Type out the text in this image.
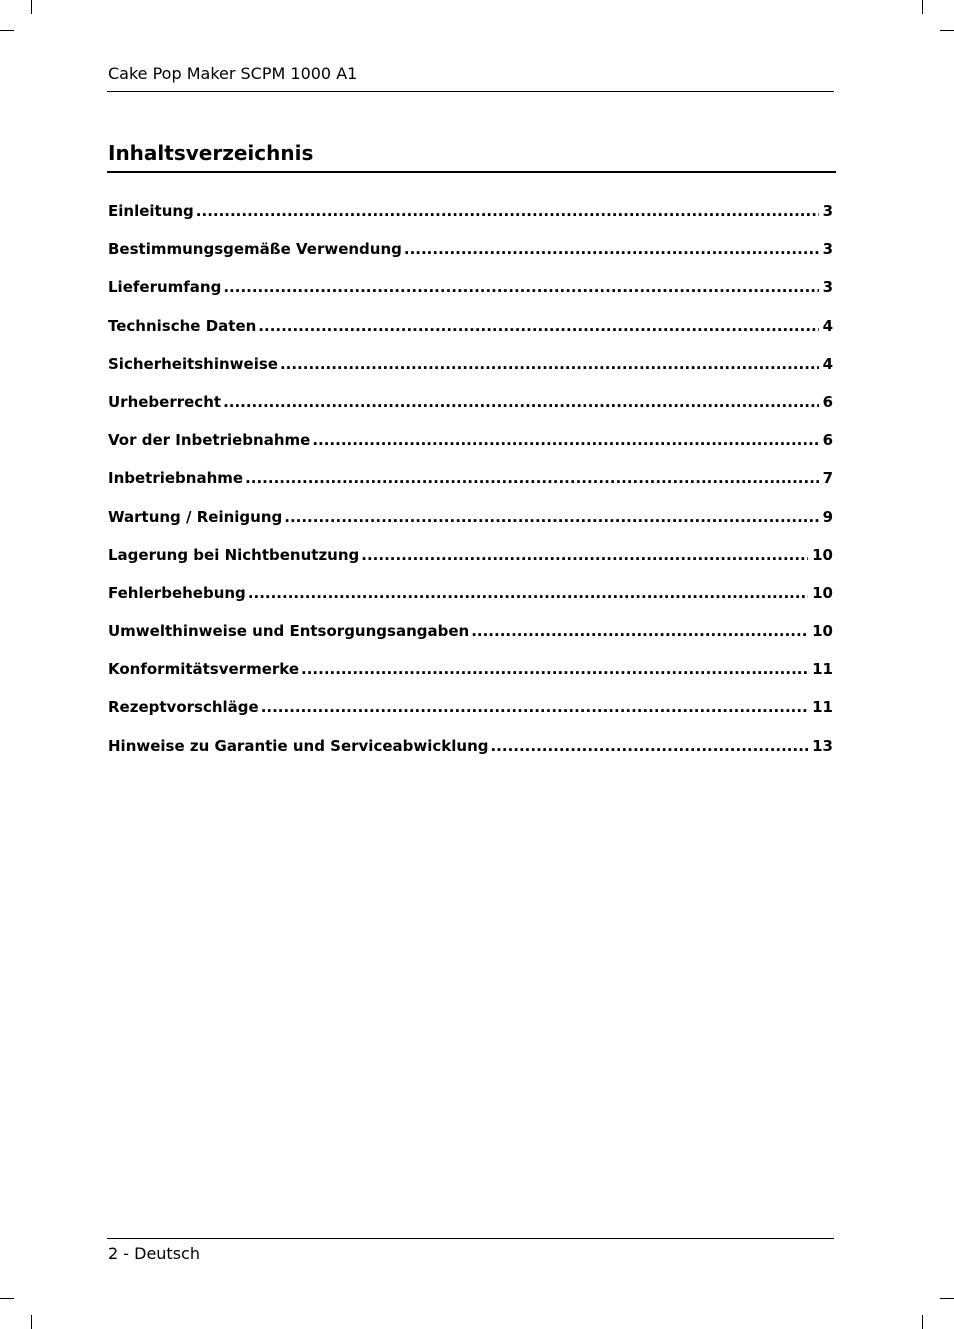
Cake Pop Maker SCPM 1000 A1
Inhaltsverzeichnis
Einleitung .....	3
Bestimmungsgemäße Verwendung .....	3
Lieferumfang .....	3
Technische Daten .....	4
Sicherheitshinweise .....	4
Urheberrecht .....	6
Vor der Inbetriebnahme .....	6
Inbetriebnahme .....	7
Wartung / Reinigung .....	9
Lagerung bei Nichtbenutzung .....	10
Fehlerbehebung .....	10
Umwelthinweise und Entsorgungsangaben .....	10
Konformitätsvermerke .....	11
Rezeptvorschläge .....	11
Hinweise zu Garantie und Serviceabwicklung .....	13
2 - Deutsch
